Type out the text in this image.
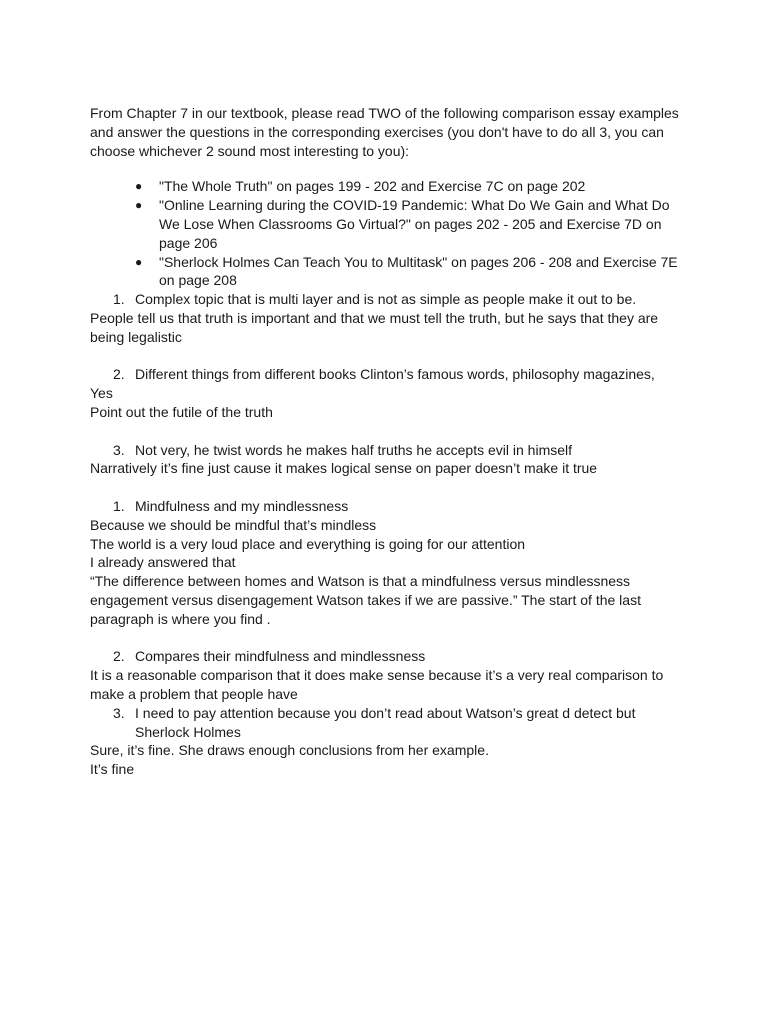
From Chapter 7 in our textbook, please read TWO of the following comparison essay examples and answer the questions in the corresponding exercises (you don't have to do all 3, you can choose whichever 2 sound most interesting to you):

● "The Whole Truth" on pages 199 - 202 and Exercise 7C on page 202
● "Online Learning during the COVID-19 Pandemic: What Do We Gain and What Do We Lose When Classrooms Go Virtual?" on pages 202 - 205 and Exercise 7D on page 206
● "Sherlock Holmes Can Teach You to Multitask" on pages 206 - 208 and Exercise 7E on page 208
1. Complex topic that is multi layer and is not as simple as people make it out to be.

People tell us that truth is important and that we must tell the truth, but he says that they are being legalistic

2. Different things from different books Clinton’s famous words, philosophy magazines,

Yes

Point out the futile of the truth

3. Not very, he twist words he makes half truths he accepts evil in himself

Narratively it’s fine just cause it makes logical sense on paper doesn’t make it true

1. Mindfulness and my mindlessness

Because we should be mindful that’s mindless

The world is a very loud place and everything is going for our attention

I already answered that

“The difference between homes and Watson is that a mindfulness versus mindlessness engagement versus disengagement Watson takes if we are passive.” The start of the last paragraph is where you find .

2. Compares their mindfulness and mindlessness

It is a reasonable comparison that it does make sense because it’s a very real comparison to make a problem that people have

3. I need to pay attention because you don’t read about Watson’s great d detect but Sherlock Holmes

Sure, it’s fine. She draws enough conclusions from her example.

It’s fine
